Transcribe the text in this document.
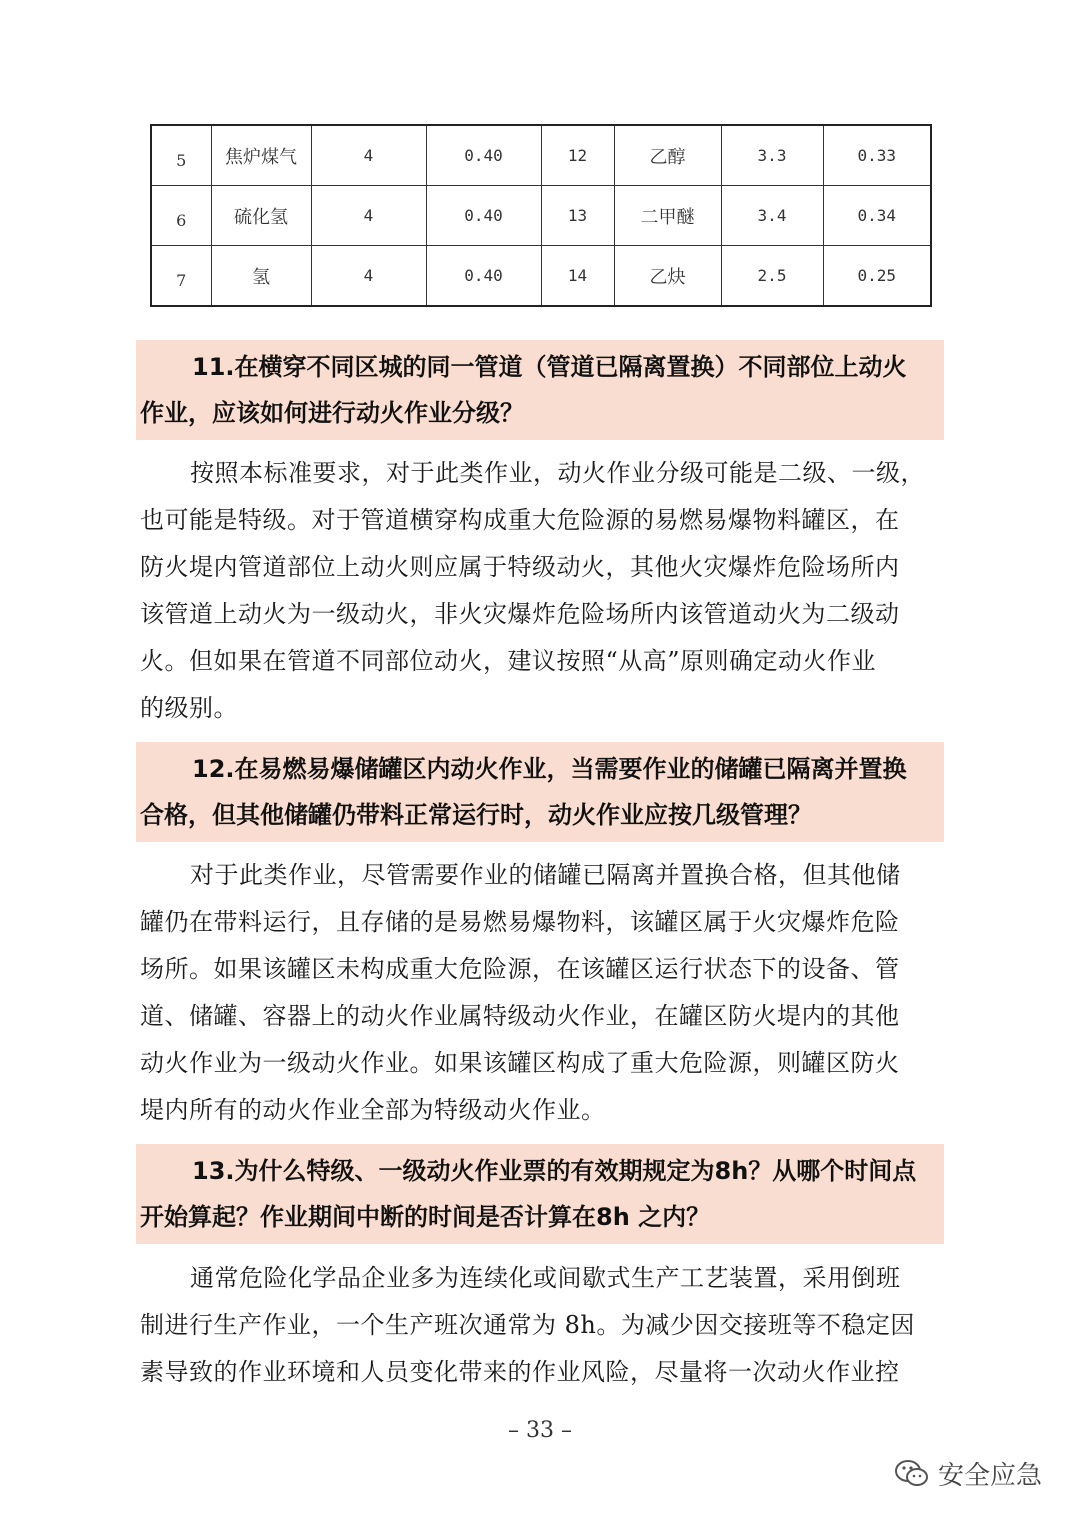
5	焦炉煤气	4	0.40	12	乙醇	3.3	0.33
6	硫化氢	4	0.40	13	二甲醚	3.4	0.34
7	氢	4	0.40	14	乙炔	2.5	0.25
11.在横穿不同区城的同一管道（管道已隔离置换）不同部位上动火
作业，应该如何进行动火作业分级？
按照本标准要求，对于此类作业，动火作业分级可能是二级、一级，
也可能是特级。对于管道横穿构成重大危险源的易燃易爆物料罐区，在
防火堤内管道部位上动火则应属于特级动火，其他火灾爆炸危险场所内
该管道上动火为一级动火，非火灾爆炸危险场所内该管道动火为二级动
火。但如果在管道不同部位动火，建议按照“从高”原则确定动火作业
的级别。
12.在易燃易爆储罐区内动火作业，当需要作业的储罐已隔离并置换
合格，但其他储罐仍带料正常运行时，动火作业应按几级管理？
对于此类作业，尽管需要作业的储罐已隔离并置换合格，但其他储
罐仍在带料运行，且存储的是易燃易爆物料，该罐区属于火灾爆炸危险
场所。如果该罐区未构成重大危险源，在该罐区运行状态下的设备、管
道、储罐、容器上的动火作业属特级动火作业，在罐区防火堤内的其他
动火作业为一级动火作业。如果该罐区构成了重大危险源，则罐区防火
堤内所有的动火作业全部为特级动火作业。
13.为什么特级、一级动火作业票的有效期规定为8h？从哪个时间点
开始算起？作业期间中断的时间是否计算在8h 之内？
通常危险化学品企业多为连续化或间歇式生产工艺装置，采用倒班
制进行生产作业，一个生产班次通常为 8h。为减少因交接班等不稳定因
素导致的作业环境和人员变化带来的作业风险，尽量将一次动火作业控
– 33 –
安全应急
